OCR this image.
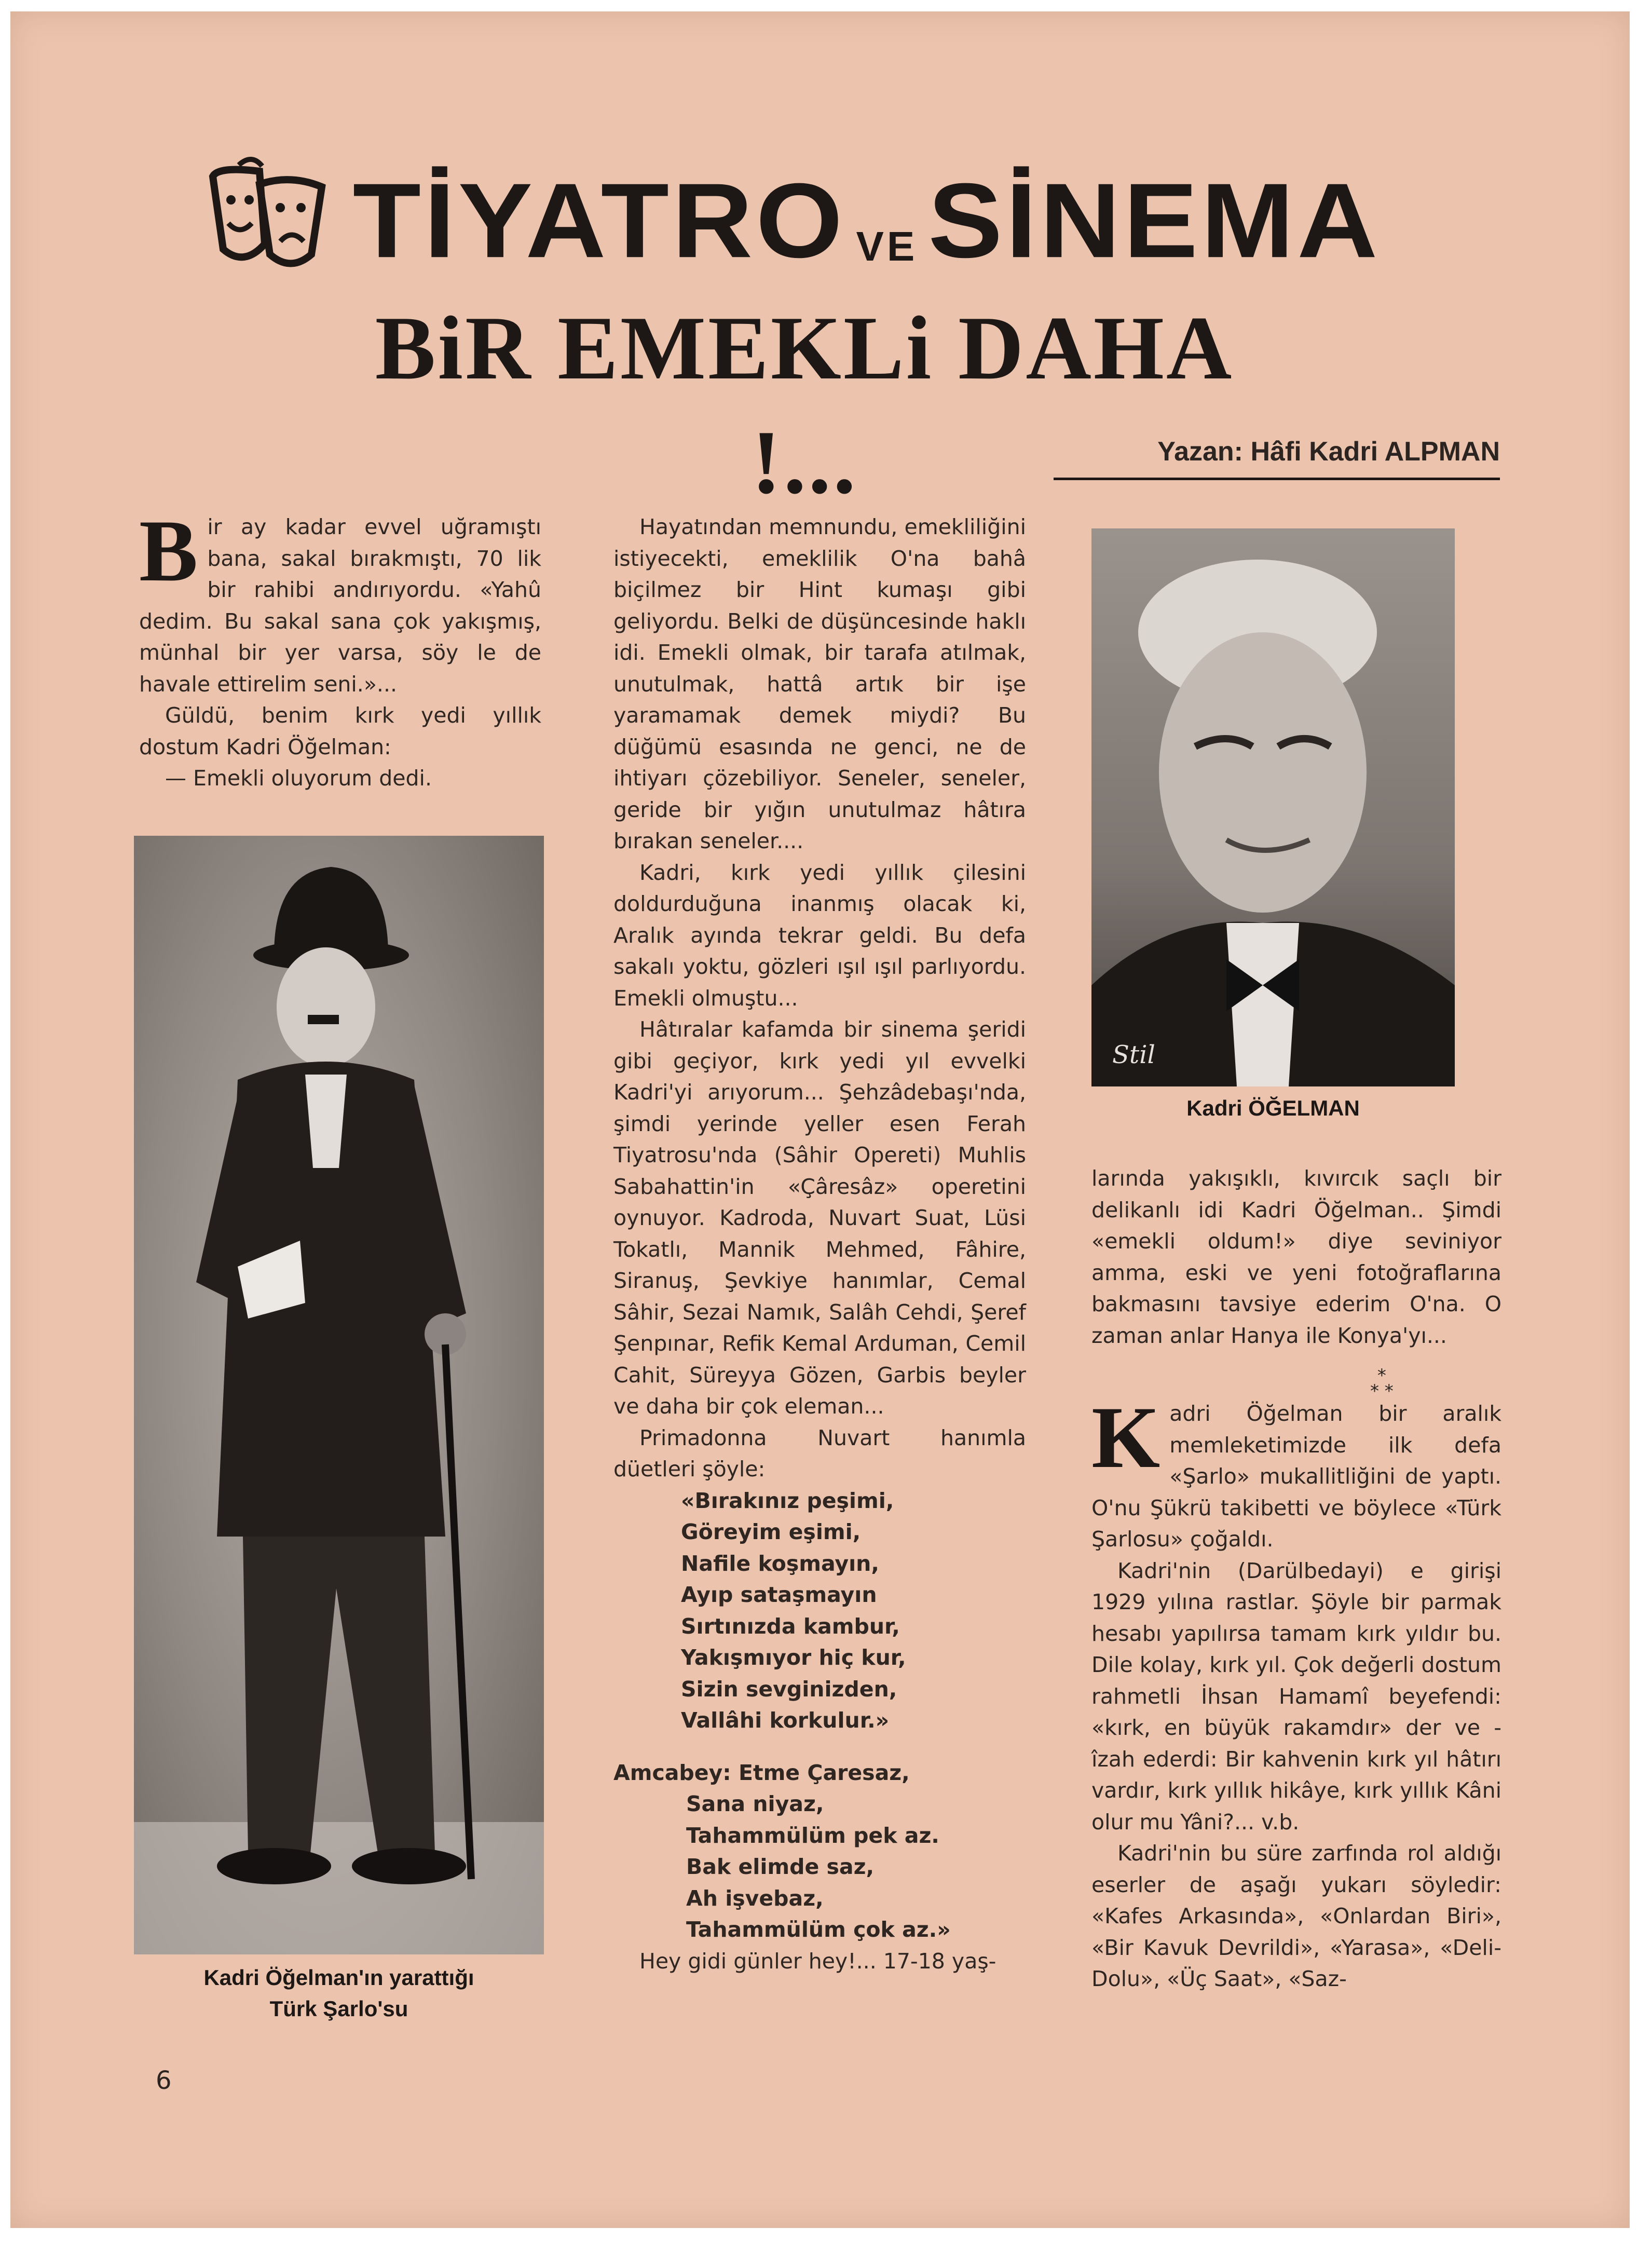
TİYATRO VE SİNEMA
BiR EMEKLi DAHA !...	Yazan: Hâfi Kadri ALPMAN
B ir ay kadar evvel uğramıştı bana, sakal bırakmıştı, 70 lik bir rahibi andırıyordu. «Yahû dedim. Bu sakal sana çok yakışmış, münhal bir yer varsa, söy le de havale ettirelim seni.»...

Güldü, benim kırk yedi yıllık dostum Kadri Öğelman:

— Emekli oluyorum dedi.

Kadri Öğelman'ın yarattığı
Türk Şarlo'su

Hayatından memnundu, emekliliğini istiyecekti, emeklilik O'na bahâ biçilmez bir Hint kumaşı gibi geliyordu. Belki de düşüncesinde haklı idi. Emekli olmak, bir tarafa atılmak, unutulmak, hattâ artık bir işe yaramamak demek miydi? Bu düğümü esasında ne genci, ne de ihtiyarı çözebiliyor. Seneler, seneler, geride bir yığın unutulmaz hâtıra bırakan seneler....

Kadri, kırk yedi yıllık çilesini doldurduğuna inanmış olacak ki, Aralık ayında tekrar geldi. Bu defa sakalı yoktu, gözleri ışıl ışıl parlıyordu. Emekli olmuştu...

Hâtıralar kafamda bir sinema şeridi gibi geçiyor, kırk yedi yıl evvelki Kadri'yi arıyorum... Şehzâdebaşı'nda, şimdi yerinde yeller esen Ferah Tiyatrosu'nda (Sâhir Opereti) Muhlis Sabahattin'in «Çâresâz» operetini oynuyor. Kadroda, Nuvart Suat, Lüsi Tokatlı, Mannik Mehmed, Fâhire, Siranuş, Şevkiye hanımlar, Cemal Sâhir, Sezai Namık, Salâh Cehdi, Şeref Şenpınar, Refik Kemal Arduman, Cemil Cahit, Süreyya Gözen, Garbis beyler ve daha bir çok eleman...

Primadonna Nuvart hanımla düetleri şöyle:

«Bırakınız peşimi,
Göreyim eşimi,
Nafile koşmayın,
Ayıp sataşmayın
Sırtınızda kambur,
Yakışmıyor hiç kur,
Sizin sevginizden,
Vallâhi korkulur.»
Amcabey: Etme Çaresaz,
Sana niyaz,
Tahammülüm pek az.
Bak elimde saz,
Ah işvebaz,
Tahammülüm çok az.»

Hey gidi günler hey!... 17-18 yaş-

Stil
Kadri ÖĞELMAN

larında yakışıklı, kıvırcık saçlı bir delikanlı idi Kadri Öğelman.. Şimdi «emekli oldum!» diye seviniyor amma, eski ve yeni fotoğraflarına bakmasını tavsiye ederim O'na. O zaman anlar Hanya ile Konya'yı...

K adri Öğelman bir aralık memleketimizde ilk defa «Şarlo» mukallitliğini de yaptı. O'nu Şükrü takibetti ve böylece «Türk Şarlosu» çoğaldı.

Kadri'nin (Darülbedayi) e girişi 1929 yılına rastlar. Şöyle bir parmak hesabı yapılırsa tamam kırk yıldır bu. Dile kolay, kırk yıl. Çok değerli dostum rahmetli İhsan Hamamî beyefendi: «kırk, en büyük rakamdır» der ve - îzah ederdi: Bir kahvenin kırk yıl hâtırı vardır, kırk yıllık hikâye, kırk yıllık Kâni olur mu Yâni?... v.b.

Kadri'nin bu süre zarfında rol aldığı eserler de aşağı yukarı söyledir: «Kafes Arkasında», «Onlardan Biri», «Bir Kavuk Devrildi», «Yarasa», «Deli-Dolu», «Üç Saat», «Saz-

*
* *
6
